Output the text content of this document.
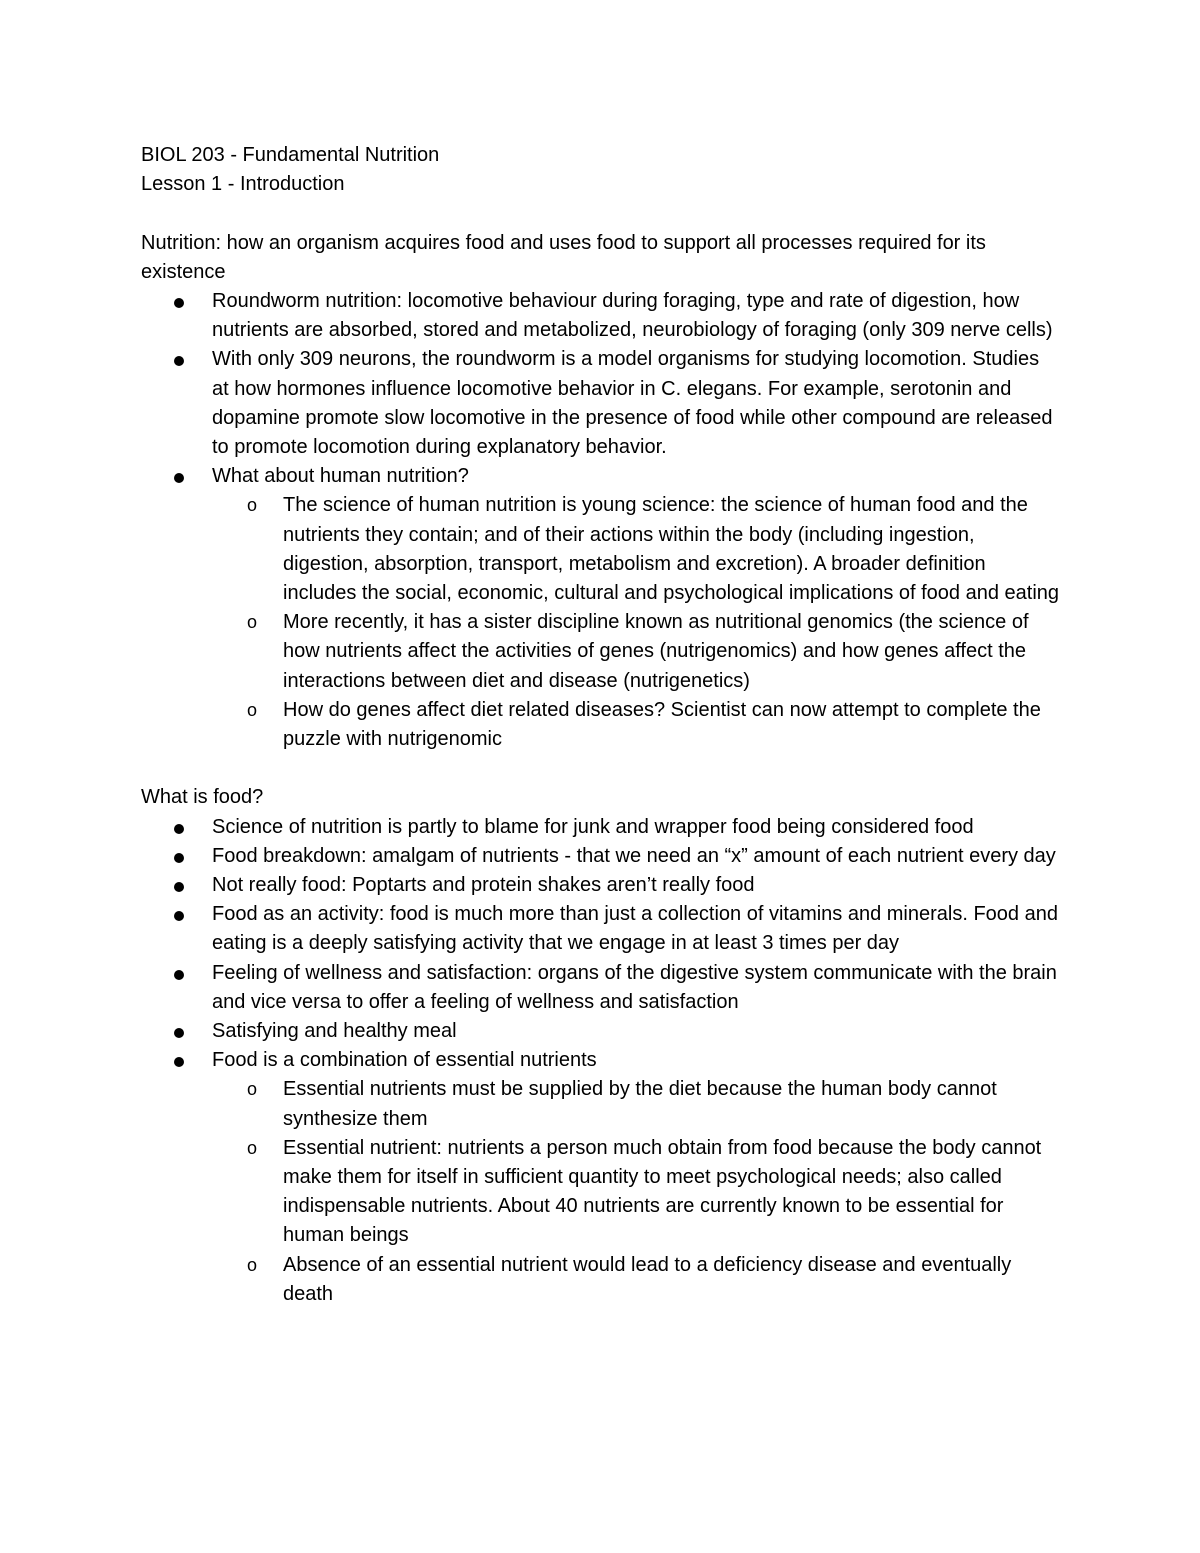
BIOL 203 - Fundamental Nutrition

Lesson 1 - Introduction

Nutrition: how an organism acquires food and uses food to support all processes required for its existence

Roundworm nutrition: locomotive behaviour during foraging, type and rate of digestion, how nutrients are absorbed, stored and metabolized, neurobiology of foraging (only 309 nerve cells)
With only 309 neurons, the roundworm is a model organisms for studying locomotion. Studies at how hormones influence locomotive behavior in C. elegans. For example, serotonin and dopamine promote slow locomotive in the presence of food while other compound are released to promote locomotion during explanatory behavior.
What about human nutrition?
o The science of human nutrition is young science: the science of human food and the nutrients they contain; and of their actions within the body (including ingestion, digestion, absorption, transport, metabolism and excretion). A broader definition includes the social, economic, cultural and psychological implications of food and eating
o More recently, it has a sister discipline known as nutritional genomics (the science of how nutrients affect the activities of genes (nutrigenomics) and how genes affect the interactions between diet and disease (nutrigenetics)
o How do genes affect diet related diseases? Scientist can now attempt to complete the puzzle with nutrigenomic

What is food?

Science of nutrition is partly to blame for junk and wrapper food being considered food
Food breakdown: amalgam of nutrients - that we need an “x” amount of each nutrient every day
Not really food: Poptarts and protein shakes aren’t really food
Food as an activity: food is much more than just a collection of vitamins and minerals. Food and eating is a deeply satisfying activity that we engage in at least 3 times per day
Feeling of wellness and satisfaction: organs of the digestive system communicate with the brain and vice versa to offer a feeling of wellness and satisfaction
Satisfying and healthy meal
Food is a combination of essential nutrients
o Essential nutrients must be supplied by the diet because the human body cannot synthesize them
o Essential nutrient: nutrients a person much obtain from food because the body cannot make them for itself in sufficient quantity to meet psychological needs; also called indispensable nutrients. About 40 nutrients are currently known to be essential for human beings
o Absence of an essential nutrient would lead to a deficiency disease and eventually death
